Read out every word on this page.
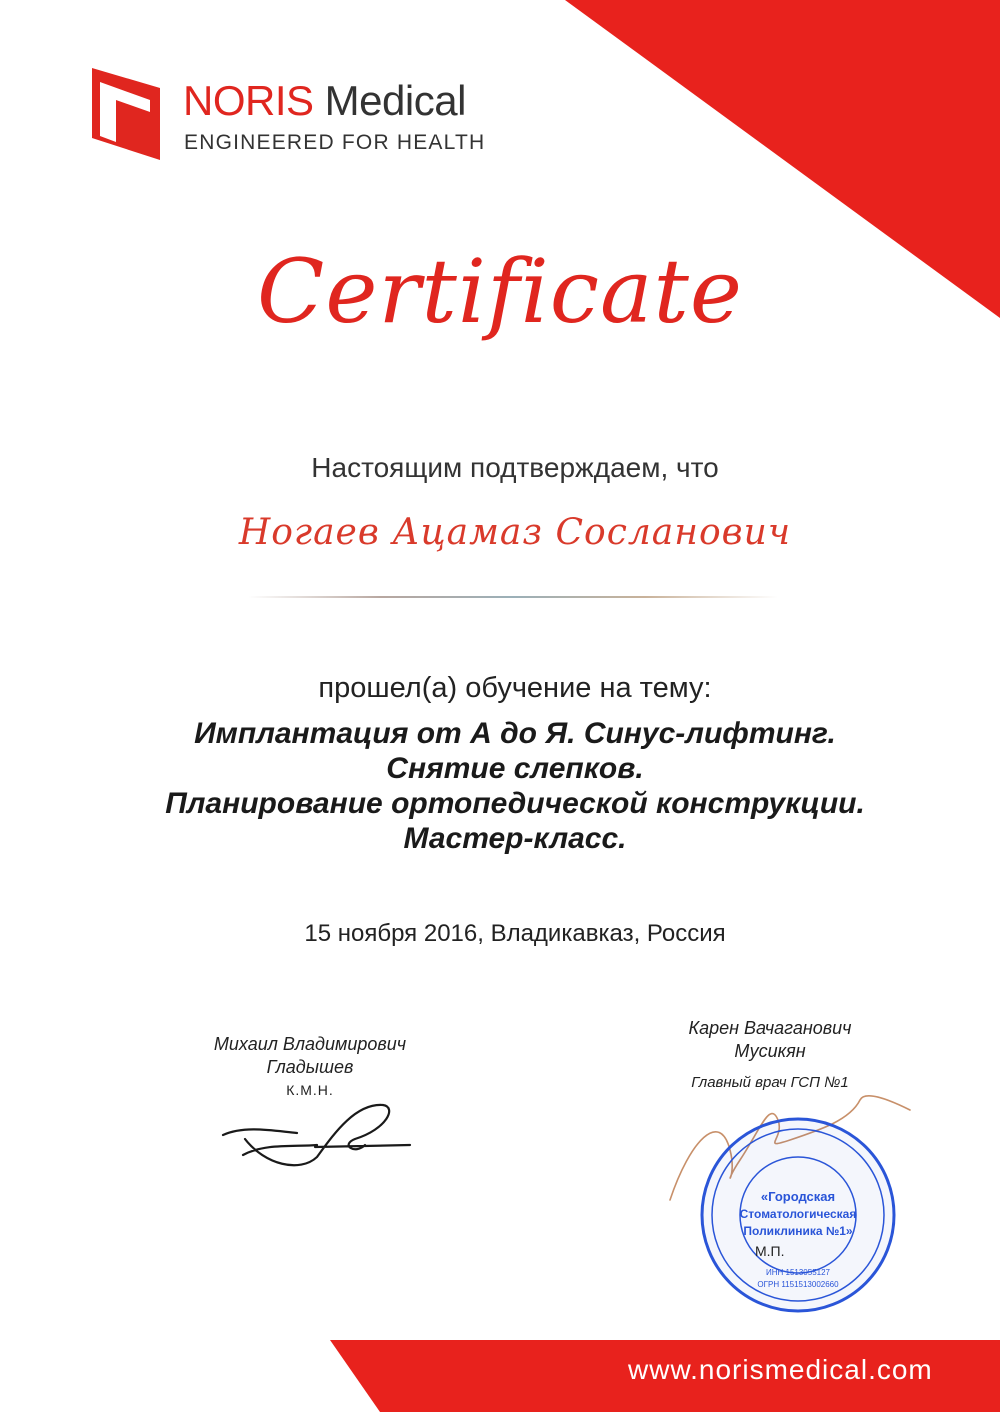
NORIS Medical
ENGINEERED FOR HEALTH
Certificate
Настоящим подтверждаем, что
Ногаев Ацамаз Сосланович
прошел(а) обучение на тему:
Имплантация от А до Я. Синус-лифтинг.
Снятие слепков.
Планирование ортопедической конструкции.
Мастер-класс.
15 ноября 2016, Владикавказ, Россия
Михаил Владимирович
Гладышев
К.М.Н.
Карен Вачаганович
Мусикян
Главный врач ГСП №1
«Городская
Стоматологическая
Поликлиника №1»
ИНН 1513055127
ОГРН 1151513002660
М.П.
www.norismedical.com
